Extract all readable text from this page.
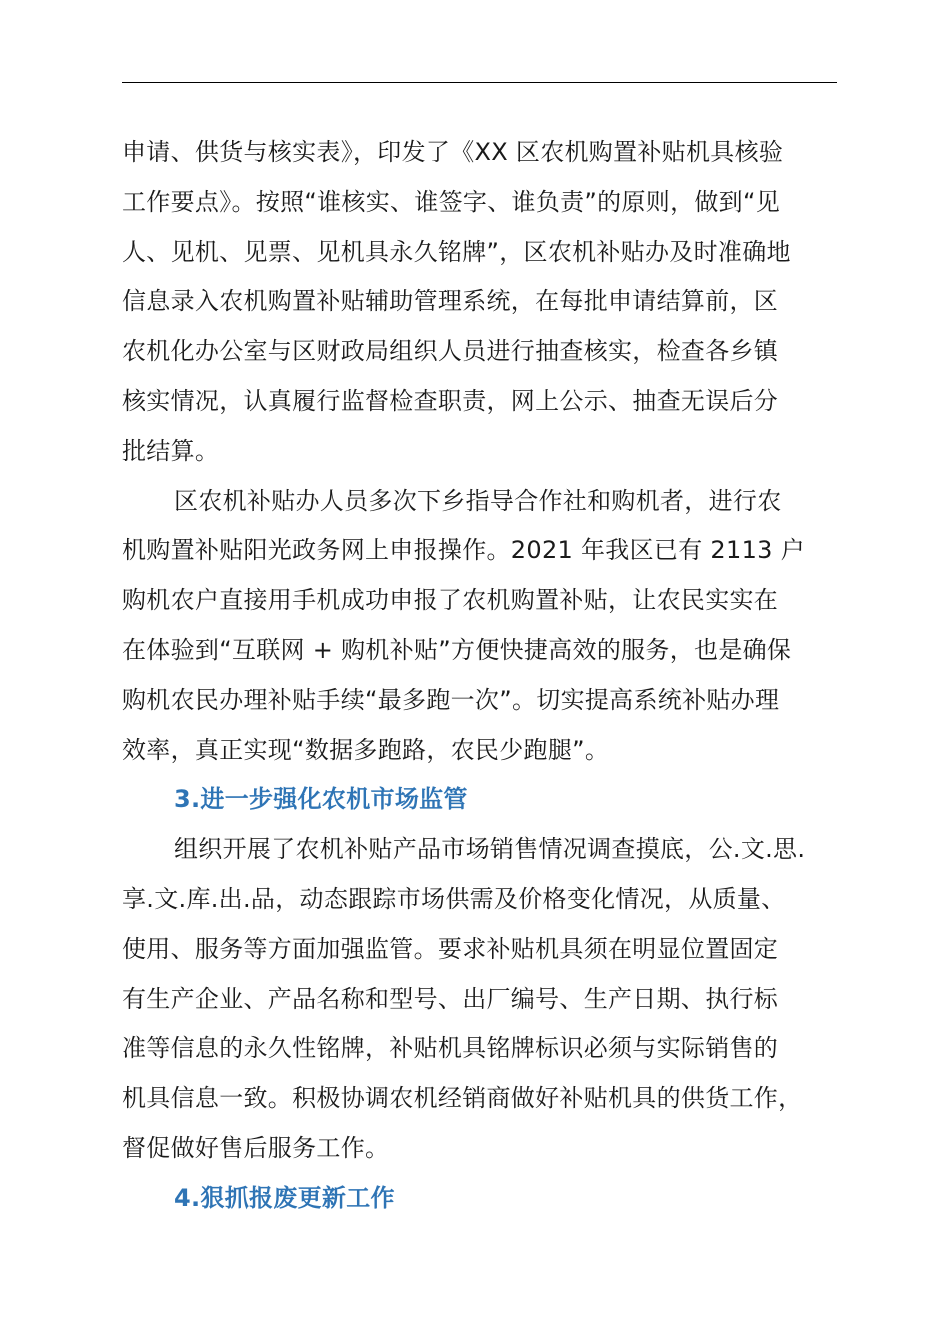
申请、供货与核实表》，印发了《XX 区农机购置补贴机具核验
工作要点》。按照“谁核实、谁签字、谁负责”的原则，做到“见
人、见机、见票、见机具永久铭牌”，区农机补贴办及时准确地
信息录入农机购置补贴辅助管理系统，在每批申请结算前，区
农机化办公室与区财政局组织人员进行抽查核实，检查各乡镇
核实情况，认真履行监督检查职责，网上公示、抽查无误后分
批结算。

区农机补贴办人员多次下乡指导合作社和购机者，进行农
机购置补贴阳光政务网上申报操作。2021 年我区已有 2113 户
购机农户直接用手机成功申报了农机购置补贴，让农民实实在
在体验到“互联网 + 购机补贴”方便快捷高效的服务，也是确保
购机农民办理补贴手续“最多跑一次”。切实提高系统补贴办理
效率，真正实现“数据多跑路，农民少跑腿”。

3.进一步强化农机市场监管

组织开展了农机补贴产品市场销售情况调查摸底，公.文.思.
享.文.库.出.品，动态跟踪市场供需及价格变化情况，从质量、
使用、服务等方面加强监管。要求补贴机具须在明显位置固定
有生产企业、产品名称和型号、出厂编号、生产日期、执行标
准等信息的永久性铭牌，补贴机具铭牌标识必须与实际销售的
机具信息一致。积极协调农机经销商做好补贴机具的供货工作，
督促做好售后服务工作。

4.狠抓报废更新工作
